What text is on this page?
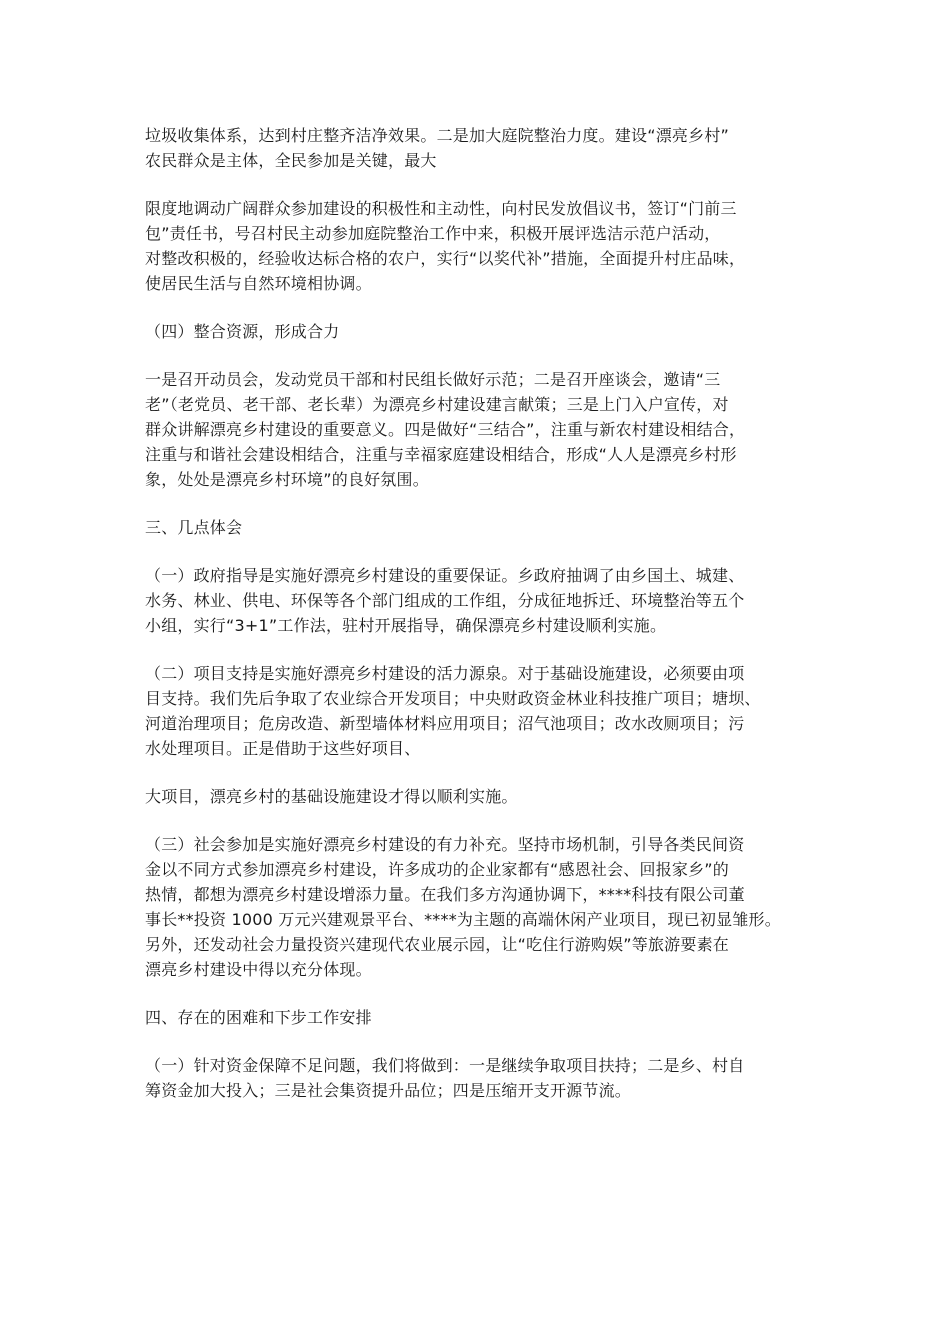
垃圾收集体系，达到村庄整齐洁净效果。二是加大庭院整治力度。建设“漂亮乡村”
农民群众是主体，全民参加是关键，最大
限度地调动广阔群众参加建设的积极性和主动性，向村民发放倡议书，签订“门前三
包”责任书，号召村民主动参加庭院整治工作中来，积极开展评选洁示范户活动，
对整改积极的，经验收达标合格的农户，实行“以奖代补”措施，全面提升村庄品味，
使居民生活与自然环境相协调。
（四）整合资源，形成合力
一是召开动员会，发动党员干部和村民组长做好示范；二是召开座谈会，邀请“三
老”（老党员、老干部、老长辈）为漂亮乡村建设建言献策；三是上门入户宣传，对
群众讲解漂亮乡村建设的重要意义。四是做好“三结合”，注重与新农村建设相结合，
注重与和谐社会建设相结合，注重与幸福家庭建设相结合，形成“人人是漂亮乡村形
象，处处是漂亮乡村环境”的良好氛围。
三、几点体会
（一）政府指导是实施好漂亮乡村建设的重要保证。乡政府抽调了由乡国土、城建、
水务、林业、供电、环保等各个部门组成的工作组，分成征地拆迁、环境整治等五个
小组，实行“3+1”工作法，驻村开展指导，确保漂亮乡村建设顺利实施。
（二）项目支持是实施好漂亮乡村建设的活力源泉。对于基础设施建设，必须要由项
目支持。我们先后争取了农业综合开发项目；中央财政资金林业科技推广项目；塘坝、
河道治理项目；危房改造、新型墙体材料应用项目；沼气池项目；改水改厕项目；污
水处理项目。正是借助于这些好项目、
大项目，漂亮乡村的基础设施建设才得以顺利实施。
（三）社会参加是实施好漂亮乡村建设的有力补充。坚持市场机制，引导各类民间资
金以不同方式参加漂亮乡村建设，许多成功的企业家都有“感恩社会、回报家乡”的
热情，都想为漂亮乡村建设增添力量。在我们多方沟通协调下，****科技有限公司董
事长**投资 1000 万元兴建观景平台、****为主题的高端休闲产业项目，现已初显雏形。
另外，还发动社会力量投资兴建现代农业展示园，让“吃住行游购娱”等旅游要素在
漂亮乡村建设中得以充分体现。
四、存在的困难和下步工作安排
（一）针对资金保障不足问题，我们将做到：一是继续争取项目扶持；二是乡、村自
筹资金加大投入；三是社会集资提升品位；四是压缩开支开源节流。
